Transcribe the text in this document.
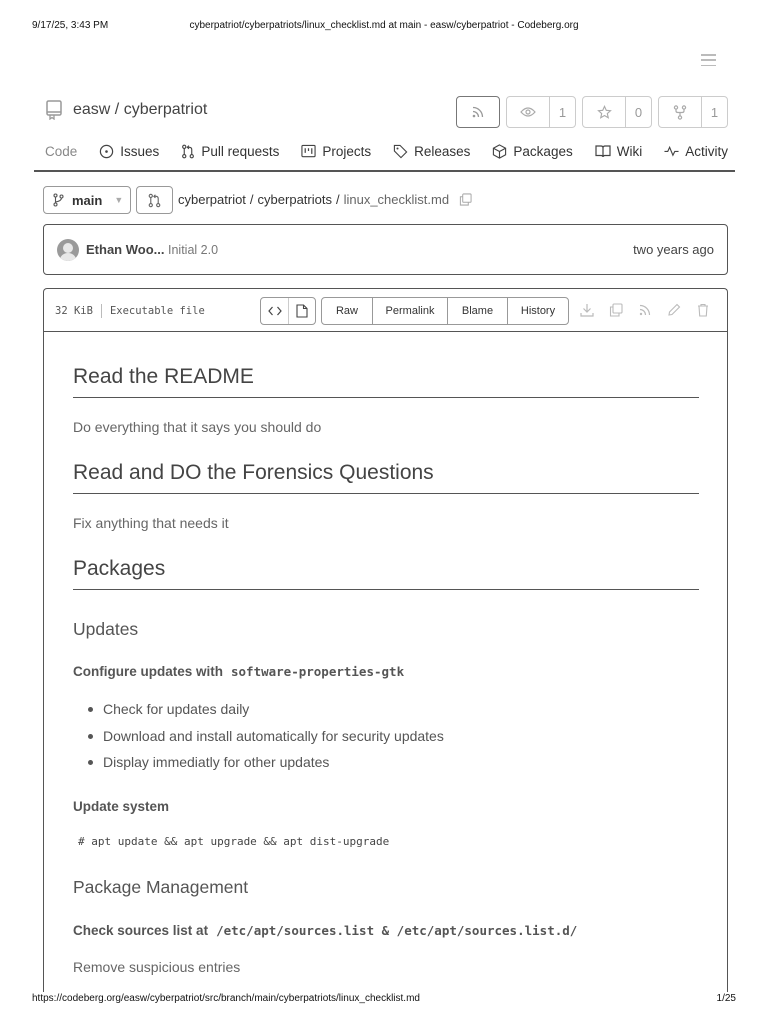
9/17/25, 3:43 PM	cyberpatriot/cyberpatriots/linux_checklist.md at main - easw/cyberpatriot - Codeberg.org
easw / cyberpatriot	1	0	1
Code	Issues	Pull requests	Projects	Releases	Packages	Wiki	Activity
main ▼	cyberpatriot / cyberpatriots / linux_checklist.md
Ethan Woo... Initial 2.0	two years ago
32 KiB Executable file	Raw	Permalink	Blame	History
Read the README

Do everything that it says you should do

Read and DO the Forensics Questions

Fix anything that needs it

Packages
Updates
Configure updates with software-properties-gtk
Check for updates daily
Download and install automatically for security updates
Display immediatly for other updates
Update system
# apt update && apt upgrade && apt dist-upgrade
Package Management
Check sources list at /etc/apt/sources.list & /etc/apt/sources.list.d/

Remove suspicious entries

https://codeberg.org/easw/cyberpatriot/src/branch/main/cyberpatriots/linux_checklist.md	1/25
